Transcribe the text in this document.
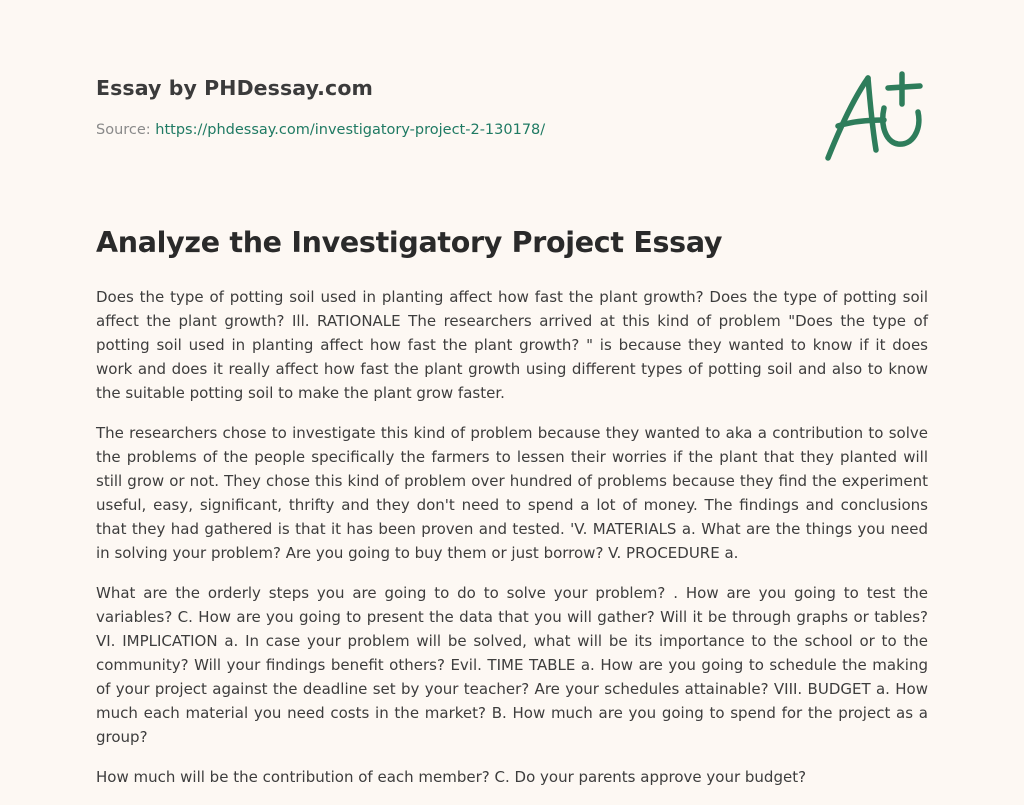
Essay by PHDessay.com
Source: https://phdessay.com/investigatory-project-2-130178/
Analyze the Investigatory Project Essay

Does the type of potting soil used in planting affect how fast the plant growth? Does the type of potting soil affect the plant growth? Ill. RATIONALE The researchers arrived at this kind of problem "Does the type of potting soil used in planting affect how fast the plant growth? " is because they wanted to know if it does work and does it really affect how fast the plant growth using different types of potting soil and also to know the suitable potting soil to make the plant grow faster.

The researchers chose to investigate this kind of problem because they wanted to aka a contribution to solve the problems of the people specifically the farmers to lessen their worries if the plant that they planted will still grow or not. They chose this kind of problem over hundred of problems because they find the experiment useful, easy, significant, thrifty and they don't need to spend a lot of money. The findings and conclusions that they had gathered is that it has been proven and tested. 'V. MATERIALS a. What are the things you need in solving your problem? Are you going to buy them or just borrow? V. PROCEDURE a.

What are the orderly steps you are going to do to solve your problem? . How are you going to test the variables? C. How are you going to present the data that you will gather? Will it be through graphs or tables? VI. IMPLICATION a. In case your problem will be solved, what will be its importance to the school or to the community? Will your findings benefit others? Evil. TIME TABLE a. How are you going to schedule the making of your project against the deadline set by your teacher? Are your schedules attainable? VIII. BUDGET a. How much each material you need costs in the market? B. How much are you going to spend for the project as a group?

How much will be the contribution of each member? C. Do your parents approve your budget?
